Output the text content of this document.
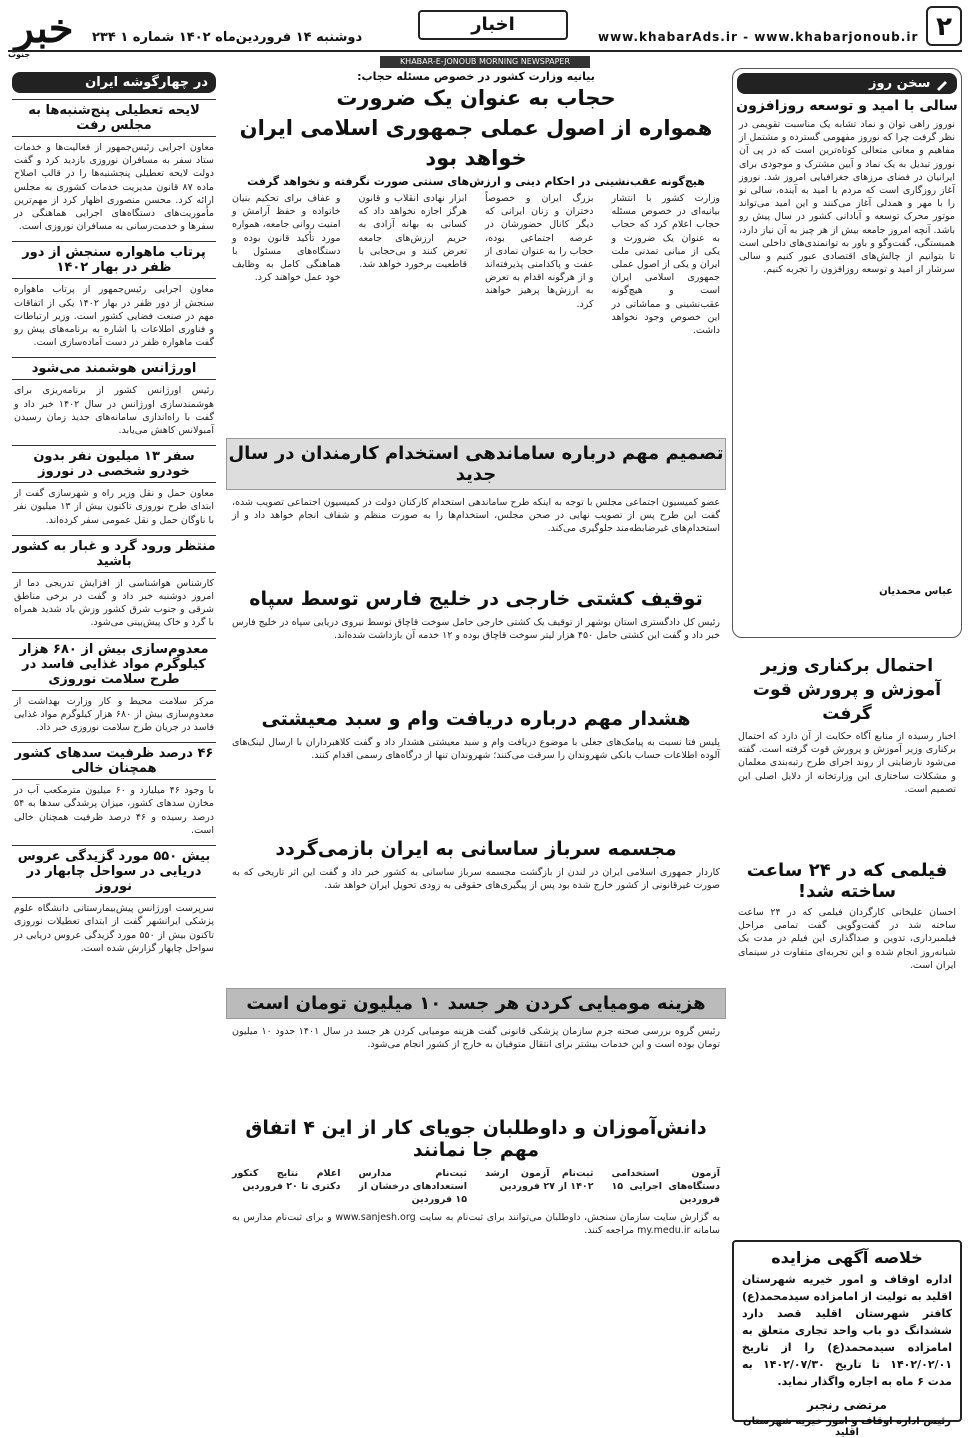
خبر
جنوب
دوشنبه ۱۴ فروردین‌ماه ۱۴۰۲ شماره ۱ ۲۳۴
اخبار
www.khabarAds.ir - www.khabarjonoub.ir ۲
KHABAR-E-JONOUB MORNING NEWSPAPER
در چهارگوشه ایران
لایحه تعطیلی پنج‌شنبه‌ها به مجلس رفت
معاون اجرایی رئیس‌جمهور از فعالیت‌ها و خدمات ستاد سفر به مسافران نوروزی بازدید کرد و گفت دولت لایحه تعطیلی پنجشنبه‌ها را در قالب اصلاح ماده ۸۷ قانون مدیریت خدمات کشوری به مجلس ارائه کرد. محسن منصوری اظهار کرد از مهم‌ترین مأموریت‌های دستگاه‌های اجرایی هماهنگی در سفرها و خدمت‌رسانی به مسافران نوروزی است.
پرتاب ماهواره سنجش از دور ظفر در بهار ۱۴۰۲
معاون اجرایی رئیس‌جمهور از پرتاب ماهواره سنجش از دور ظفر در بهار ۱۴۰۲ یکی از اتفاقات مهم در صنعت فضایی کشور است. وزیر ارتباطات و فناوری اطلاعات با اشاره به برنامه‌های پیش رو گفت ماهواره ظفر در دست آماده‌سازی است.
اورژانس هوشمند می‌شود
رئیس اورژانس کشور از برنامه‌ریزی برای هوشمندسازی اورژانس در سال ۱۴۰۲ خبر داد و گفت با راه‌اندازی سامانه‌های جدید زمان رسیدن آمبولانس کاهش می‌یابد.
سفر ۱۳ میلیون نفر بدون خودرو شخصی در نوروز
معاون حمل و نقل وزیر راه و شهرسازی گفت از ابتدای طرح نوروزی تاکنون بیش از ۱۳ میلیون نفر با ناوگان حمل و نقل عمومی سفر کرده‌اند.
منتظر ورود گرد و غبار به کشور باشید
کارشناس هواشناسی از افزایش تدریجی دما از امروز دوشنبه خبر داد و گفت در برخی مناطق شرقی و جنوب شرق کشور وزش باد شدید همراه با گرد و خاک پیش‌بینی می‌شود.
معدوم‌سازی بیش از ۶۸۰ هزار کیلوگرم مواد غذایی فاسد در طرح سلامت نوروزی
مرکز سلامت محیط و کار وزارت بهداشت از معدوم‌سازی بیش از ۶۸۰ هزار کیلوگرم مواد غذایی فاسد در جریان طرح سلامت نوروزی خبر داد.
۴۶ درصد ظرفیت سدهای کشور همچنان خالی
با وجود ۴۶ میلیارد و ۶۰ میلیون مترمکعب آب در مخازن سدهای کشور، میزان پرشدگی سدها به ۵۴ درصد رسیده و ۴۶ درصد ظرفیت همچنان خالی است.
بیش ۵۵۰ مورد گزیدگی عروس دریایی در سواحل چابهار در نوروز
سرپرست اورژانس پیش‌بیمارستانی دانشگاه علوم پزشکی ایرانشهر گفت از ابتدای تعطیلات نوروزی تاکنون بیش از ۵۵۰ مورد گزیدگی عروس دریایی در سواحل چابهار گزارش شده است.
بیانیه وزارت کشور در خصوص مسئله حجاب:
حجاب به عنوان یک ضرورت
همواره از اصول عملی جمهوری اسلامی ایران خواهد بود
هیچ‌گونه عقب‌نشینی در احکام دینی و ارزش‌های سنتی صورت نگرفته و نخواهد گرفت
وزارت کشور با انتشار بیانیه‌ای در خصوص مسئله حجاب اعلام کرد که حجاب به عنوان یک ضرورت و یکی از مبانی تمدنی ملت ایران و یکی از اصول عملی جمهوری اسلامی ایران است و هیچ‌گونه عقب‌نشینی و مماشاتی در این خصوص وجود نخواهد داشت.
بزرگ ایران و خصوصاً دختران و زنان ایرانی که دیگر کانال حضورشان در عرصه اجتماعی بوده، حجاب را به عنوان نمادی از عفت و پاکدامنی پذیرفته‌اند و از هرگونه اقدام به تعرض به ارزش‌ها پرهیز خواهند کرد.
ابزار نهادی انقلاب و قانون هرگز اجازه نخواهد داد که کسانی به بهانه آزادی به حریم ارزش‌های جامعه تعرض کنند و بی‌حجابی با قاطعیت برخورد خواهد شد.
و عفاف برای تحکیم بنیان خانواده و حفظ آرامش و امنیت روانی جامعه، همواره مورد تأکید قانون بوده و دستگاه‌های مسئول با هماهنگی کامل به وظایف خود عمل خواهند کرد.
تصمیم مهم درباره ساماندهی استخدام کارمندان در سال جدید
عضو کمیسیون اجتماعی مجلس با توجه به اینکه طرح ساماندهی استخدام کارکنان دولت در کمیسیون اجتماعی تصویب شده، گفت این طرح پس از تصویب نهایی در صحن مجلس، استخدام‌ها را به صورت منظم و شفاف انجام خواهد داد و از استخدام‌های غیرضابطه‌مند جلوگیری می‌کند.
توقیف کشتی خارجی در خلیج فارس توسط سپاه
رئیس کل دادگستری استان بوشهر از توقیف یک کشتی خارجی حامل سوخت قاچاق توسط نیروی دریایی سپاه در خلیج فارس خبر داد و گفت این کشتی حامل ۴۵۰ هزار لیتر سوخت قاچاق بوده و ۱۲ خدمه آن بازداشت شده‌اند.
هشدار مهم درباره دریافت وام و سبد معیشتی
پلیس فتا نسبت به پیامک‌های جعلی با موضوع دریافت وام و سبد معیشتی هشدار داد و گفت کلاهبرداران با ارسال لینک‌های آلوده اطلاعات حساب بانکی شهروندان را سرقت می‌کنند؛ شهروندان تنها از درگاه‌های رسمی اقدام کنند.
مجسمه سرباز ساسانی به ایران بازمی‌گردد
کاردار جمهوری اسلامی ایران در لندن از بازگشت مجسمه سرباز ساسانی به کشور خبر داد و گفت این اثر تاریخی که به صورت غیرقانونی از کشور خارج شده بود پس از پیگیری‌های حقوقی به زودی تحویل ایران خواهد شد.
هزینه مومیایی کردن هر جسد ۱۰ میلیون تومان است
رئیس گروه بررسی صحنه جرم سازمان پزشکی قانونی گفت هزینه مومیایی کردن هر جسد در سال ۱۴۰۱ حدود ۱۰ میلیون تومان بوده است و این خدمات بیشتر برای انتقال متوفیان به خارج از کشور انجام می‌شود.
دانش‌آموزان و داوطلبان جویای کار از این ۴ اتفاق مهم جا نمانند
آزمون استخدامی دستگاه‌های اجرایی ۱۵ فروردین
ثبت‌نام آزمون ارشد ۱۴۰۲ از ۲۷ فروردین
ثبت‌نام مدارس استعدادهای درخشان از ۱۵ فروردین
اعلام نتایج کنکور دکتری تا ۲۰ فروردین
به گزارش سایت سازمان سنجش، داوطلبان می‌توانند برای ثبت‌نام به سایت www.sanjesh.org و برای ثبت‌نام مدارس به سامانه my.medu.ir مراجعه کنند.
سخن روز
سالی با امید و توسعه روزافزون
نوروز راهی توان و نماد تشابه یک مناسبت تقویمی در نظر گرفت چرا که نوروز مفهومی گسترده و مشتمل از مفاهیم و معانی متعالی کوتاه‌ترین است که در پی آن نوروز تبدیل به یک نماد و آیین مشترک و موجودی برای ایرانیان در فضای مرزهای جغرافیایی امروز شد. نوروز آغاز روزگاری است که مردم با امید به آینده، سالی نو را با مهر و همدلی آغاز می‌کنند و این امید می‌تواند موتور محرک توسعه و آبادانی کشور در سال پیش رو باشد. آنچه امروز جامعه بیش از هر چیز به آن نیاز دارد، همبستگی، گفت‌وگو و باور به توانمندی‌های داخلی است تا بتوانیم از چالش‌های اقتصادی عبور کنیم و سالی سرشار از امید و توسعه روزافزون را تجربه کنیم.
عباس محمدیان
احتمال برکناری وزیر آموزش و پرورش قوت گرفت
اخبار رسیده از منابع آگاه حکایت از آن دارد که احتمال برکناری وزیر آموزش و پرورش قوت گرفته است. گفته می‌شود نارضایتی از روند اجرای طرح رتبه‌بندی معلمان و مشکلات ساختاری این وزارتخانه از دلایل اصلی این تصمیم است.
فیلمی که در ۲۴ ساعت ساخته شد!
احسان علیخانی کارگردان فیلمی که در ۲۴ ساعت ساخته شد در گفت‌وگویی گفت تمامی مراحل فیلمبرداری، تدوین و صداگذاری این فیلم در مدت یک شبانه‌روز انجام شده و این تجربه‌ای متفاوت در سینمای ایران است.
خلاصه آگهی مزایده
اداره اوقاف و امور خیریه شهرستان اقلید به تولیت از امامزاده سیدمحمد(ع) کافتر شهرستان اقلید قصد دارد ششدانگ دو باب واحد تجاری متعلق به امامزاده سیدمحمد(ع) را از تاریخ ۱۴۰۲/۰۲/۰۱ تا تاریخ ۱۴۰۲/۰۷/۳۰ به مدت ۶ ماه به اجاره واگذار نماید.
مرتضی رنجبر
رئیس اداره اوقاف و امور خیریه شهرستان اقلید
